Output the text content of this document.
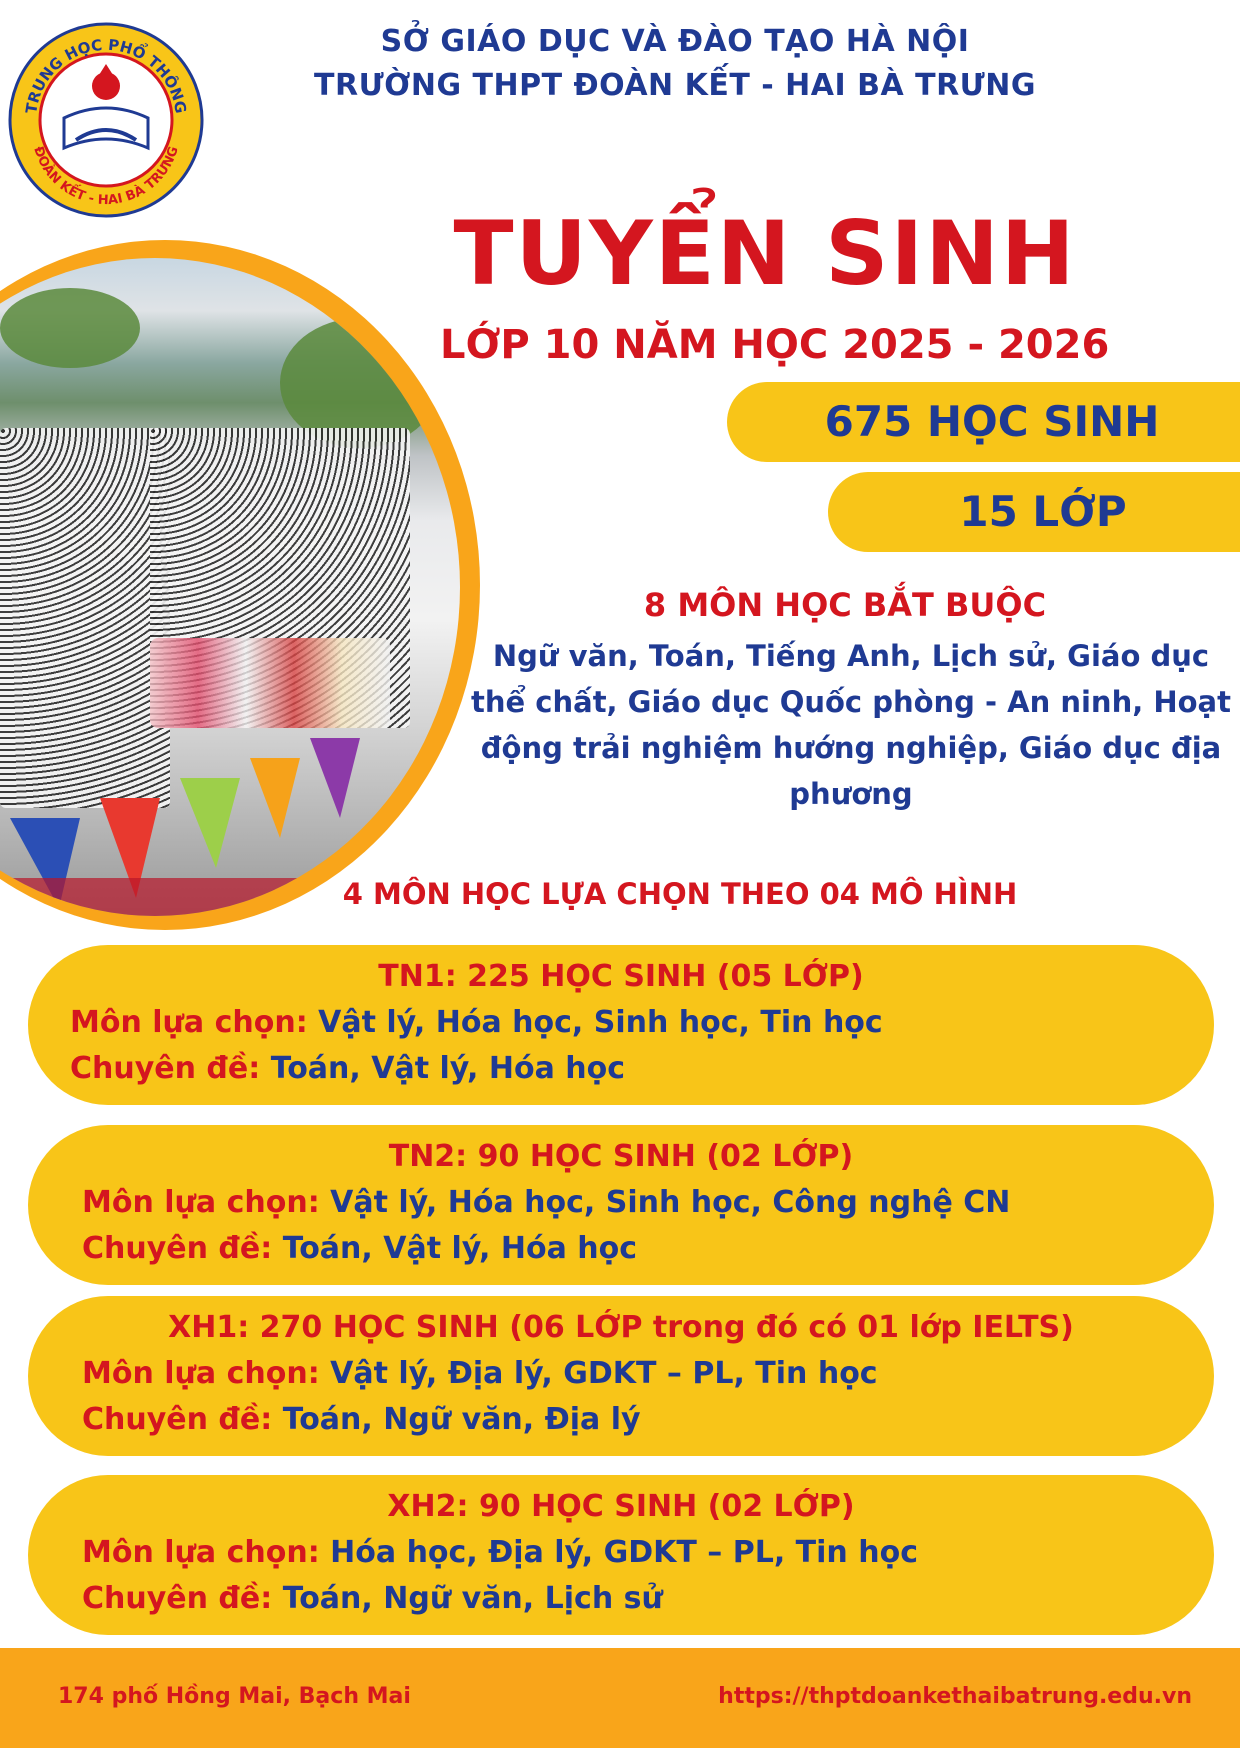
TRUNG HỌC PHỔ THÔNG
ĐOÀN KẾT - HAI BÀ TRƯNG
SỞ GIÁO DỤC VÀ ĐÀO TẠO HÀ NỘI
TRƯỜNG THPT ĐOÀN KẾT - HAI BÀ TRƯNG
TUYỂN SINH
LỚP 10 NĂM HỌC 2025 - 2026
675 HỌC SINH
15 LỚP
8 MÔN HỌC BẮT BUỘC
Ngữ văn, Toán, Tiếng Anh, Lịch sử, Giáo dục thể chất, Giáo dục Quốc phòng - An ninh, Hoạt động trải nghiệm hướng nghiệp, Giáo dục địa phương
4 MÔN HỌC LỰA CHỌN THEO 04 MÔ HÌNH
TN1: 225 HỌC SINH (05 LỚP)
Môn lựa chọn: Vật lý, Hóa học, Sinh học, Tin học
Chuyên đề: Toán, Vật lý, Hóa học
TN2: 90 HỌC SINH (02 LỚP)
Môn lựa chọn: Vật lý, Hóa học, Sinh học, Công nghệ CN
Chuyên đề: Toán, Vật lý, Hóa học
XH1: 270 HỌC SINH (06 LỚP trong đó có 01 lớp IELTS)
Môn lựa chọn: Vật lý, Địa lý, GDKT – PL, Tin học
Chuyên đề: Toán, Ngữ văn, Địa lý
XH2: 90 HỌC SINH (02 LỚP)
Môn lựa chọn: Hóa học, Địa lý, GDKT – PL, Tin học
Chuyên đề: Toán, Ngữ văn, Lịch sử
174 phố Hồng Mai, Bạch Mai	https://thptdoankethaibatrung.edu.vn
